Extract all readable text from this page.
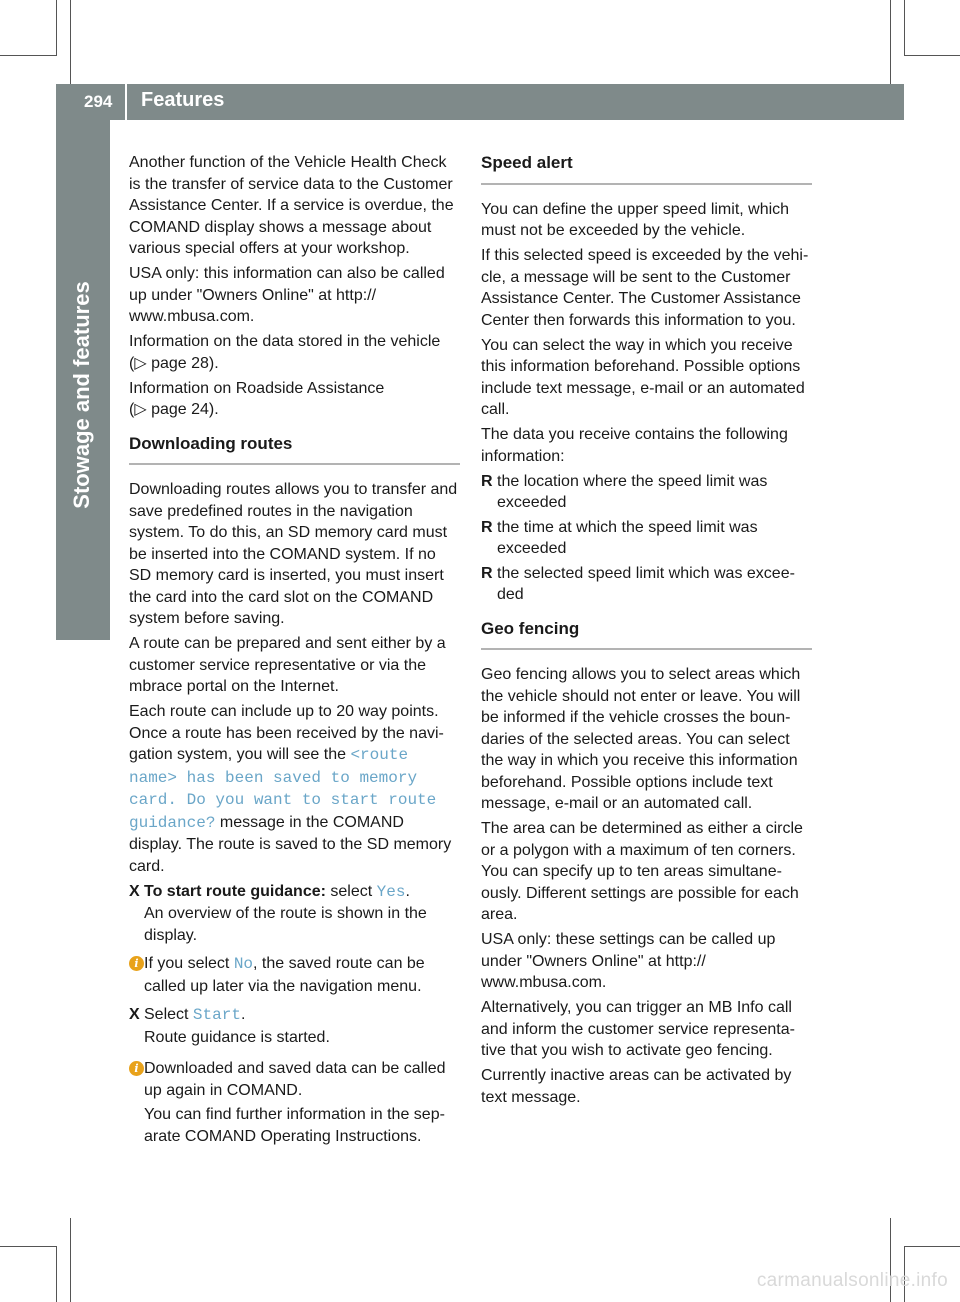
294 Features
Stowage and features

Another function of the Vehicle Health Check is the transfer of service data to the Customer Assistance Center. If a service is overdue, the COMAND display shows a message about various special offers at your workshop.

USA only: this information can also be called up under "Owners Online" at http:// www.mbusa.com.

Information on the data stored in the vehicle
(▷ page 28).

Information on Roadside Assistance
(▷ page 24).

Downloading routes

Downloading routes allows you to transfer and save predefined routes in the navigation system. To do this, an SD memory card must be inserted into the COMAND system. If no SD memory card is inserted, you must insert the card into the card slot on the COMAND system before saving.

A route can be prepared and sent either by a customer service representative or via the mbrace portal on the Internet.

Each route can include up to 20 way points.

Once a route has been received by the navi- gation system, you will see the <route name> has been saved to memory card. Do you want to start route guidance? message in the COMAND display. The route is saved to the SD memory card.

X To start route guidance: select Yes.
An overview of the route is shown in the display.
i If you select No, the saved route can be called up later via the navigation menu.
X Select Start.
Route guidance is started.
i Downloaded and saved data can be called up again in COMAND.
You can find further information in the sep- arate COMAND Operating Instructions.
Speed alert

You can define the upper speed limit, which must not be exceeded by the vehicle.

If this selected speed is exceeded by the vehi- cle, a message will be sent to the Customer Assistance Center. The Customer Assistance Center then forwards this information to you.

You can select the way in which you receive this information beforehand. Possible options include text message, e-mail or an automated call.

The data you receive contains the following information:

R the location where the speed limit was exceeded
R the time at which the speed limit was exceeded
R the selected speed limit which was excee- ded
Geo fencing

Geo fencing allows you to select areas which the vehicle should not enter or leave. You will be informed if the vehicle crosses the boun- daries of the selected areas. You can select the way in which you receive this information beforehand. Possible options include text message, e-mail or an automated call.

The area can be determined as either a circle or a polygon with a maximum of ten corners. You can specify up to ten areas simultane- ously. Different settings are possible for each area.

USA only: these settings can be called up under "Owners Online" at http:// www.mbusa.com.

Alternatively, you can trigger an MB Info call and inform the customer service representa- tive that you wish to activate geo fencing.

Currently inactive areas can be activated by text message.

carmanualsonline.info
